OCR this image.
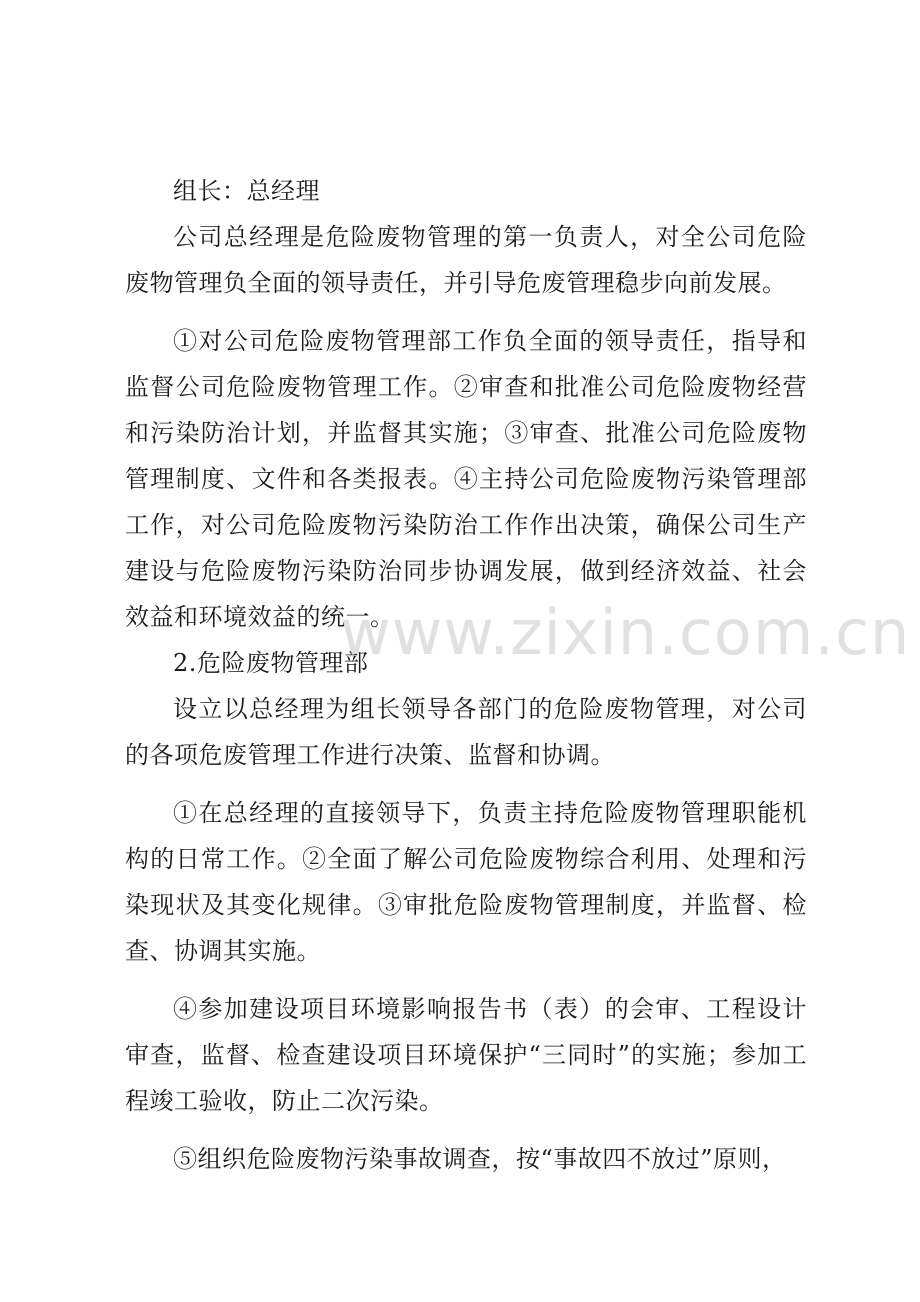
组长：总经理

公司总经理是危险废物管理的第一负责人，对全公司危险废物管理负全面的领导责任，并引导危废管理稳步向前发展。

①对公司危险废物管理部工作负全面的领导责任，指导和监督公司危险废物管理工作。②审查和批准公司危险废物经营和污染防治计划，并监督其实施；③审查、批准公司危险废物管理制度、文件和各类报表。④主持公司危险废物污染管理部工作，对公司危险废物污染防治工作作出决策，确保公司生产建设与危险废物污染防治同步协调发展，做到经济效益、社会效益和环境效益的统一。

2.危险废物管理部

设立以总经理为组长领导各部门的危险废物管理，对公司的各项危废管理工作进行决策、监督和协调。

①在总经理的直接领导下，负责主持危险废物管理职能机构的日常工作。②全面了解公司危险废物综合利用、处理和污染现状及其变化规律。③审批危险废物管理制度，并监督、检查、协调其实施。

④参加建设项目环境影响报告书（表）的会审、工程设计审查，监督、检查建设项目环境保护“三同时”的实施；参加工程竣工验收，防止二次污染。

⑤组织危险废物污染事故调查，按“事故四不放过”原则，

www.zixin.com.cn
